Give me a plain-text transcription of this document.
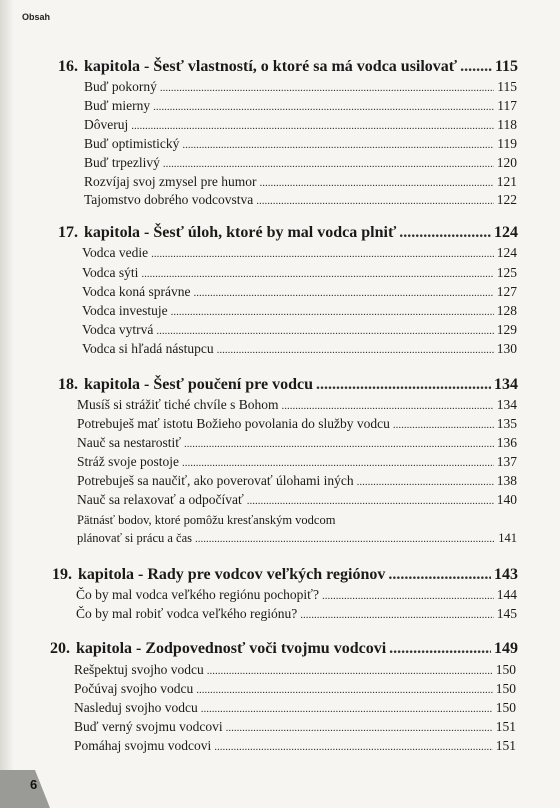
Obsah
16. kapitola - Šesť vlastností, o ktoré sa má vodca usilovať ..... 115
Buď pokorný .....	115
Buď mierny .....	117
Dôveruj .....	118
Buď optimistický .....	119
Buď trpezlivý .....	120
Rozvíjaj svoj zmysel pre humor .....	121
Tajomstvo dobrého vodcovstva .....	122
17. kapitola - Šesť úloh, ktoré by mal vodca plniť .....	124
Vodca vedie .....	124
Vodca sýti .....	125
Vodca koná správne .....	127
Vodca investuje .....	128
Vodca vytrvá .....	129
Vodca si hľadá nástupcu .....	130
18. kapitola - Šesť poučení pre vodcu .....	134
Musíš si strážiť tiché chvíle s Bohom .....	134
Potrebuješ mať istotu Božieho povolania do služby vodcu .....	135
Nauč sa nestarostiť .....	136
Stráž svoje postoje .....	137
Potrebuješ sa naučiť, ako poverovať úlohami iných .....	138
Nauč sa relaxovať a odpočívať .....	140
Pätnásť bodov, ktoré pomôžu kresťanským vodcom
plánovať si prácu a čas .....	141
19. kapitola - Rady pre vodcov veľkých regiónov .....	143
Čo by mal vodca veľkého regiónu pochopiť? .....	144
Čo by mal robiť vodca veľkého regiónu? .....	145
20. kapitola - Zodpovednosť voči tvojmu vodcovi .....	149
Rešpektuj svojho vodcu .....	150
Počúvaj svojho vodcu .....	150
Nasleduj svojho vodcu .....	150
Buď verný svojmu vodcovi .....	151
Pomáhaj svojmu vodcovi .....	151
6
